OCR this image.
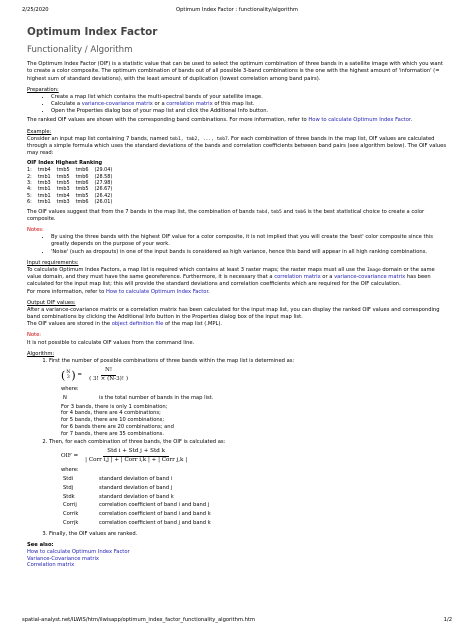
2/25/2020	Optimum Index Factor : functionality/algorithm
Optimum Index Factor
Functionality / Algorithm

The Optimum Index Factor (OIF) is a statistic value that can be used to select the optimum combination of three bands in a satellite image with which you want to create a color composite. The optimum combination of bands out of all possible 3-band combinations is the one with the highest amount of 'information' (= highest sum of standard deviations), with the least amount of duplication (lowest correlation among band pairs).

Preparation:
• Create a map list which contains the multi-spectral bands of your satellite image.
• Calculate a variance-covariance matrix or a correlation matrix of this map list.
• Open the Properties dialog box of your map list and click the Additional Info button.

The ranked OIF values are shown with the corresponding band combinations. For more information, refer to How to calculate Optimum Index Factor.

Example:

Consider an input map list containing 7 bands, named tmb1, tmb2, ..., tmb7. For each combination of three bands in the map list, OIF values are calculated through a simple formula which uses the standard deviations of the bands and correlation coefficients between band pairs (see algorithm below). The OIF values may read:

OIF Index Highest Ranking
1:	tmb4	tmb5	tmb6	(29.04)
2:	tmb1	tmb5	tmb6	(28.58)
3:	tmb3	tmb5	tmb6	(27.98)
4:	tmb1	tmb3	tmb5	(26.67)
5:	tmb1	tmb4	tmb5	(26.42)
6:	tmb1	tmb3	tmb6	(26.01)

The OIF values suggest that from the 7 bands in the map list, the combination of bands tmb4, tmb5 and tmb6 is the best statistical choice to create a color composite.

Notes:
• By using the three bands with the highest OIF value for a color composite, it is not implied that you will create the 'best' color composite since this greatly depends on the purpose of your work.
• 'Noise' (such as dropouts) in one of the input bands is considered as high variance, hence this band will appear in all high ranking combinations.
Input requirements:

To calculate Optimum Index Factors, a map list is required which contains at least 3 raster maps; the raster maps must all use the Image domain or the same value domain, and they must have the same georeference. Furthermore, it is necessary that a correlation matrix or a variance-covariance matrix has been calculated for the input map list; this will provide the standard deviations and correlation coefficients which are required for the OIF calculation.

For more information, refer to How to calculate Optimum Index Factor.

Output OIF values:

After a variance-covariance matrix or a correlation matrix has been calculated for the input map list, you can display the ranked OIF values and corresponding band combinations by clicking the Additional Info button in the Properties dialog box of the input map list.

The OIF values are stored in the object definition file of the map list (.MPL).

Note:

It is not possible to calculate OIF values from the command line.

Algorithm:
1. First the number of possible combinations of three bands within the map list is determined as:
( N
3 ) = $\frac{N!}{( 3! \times (N-3)! )}$
where:
N	is the total number of bands in the map list.
For 3 bands, there is only 1 combination;
for 4 bands, there are 4 combinations;
for 5 bands, there are 10 combinations;
for 6 bands there are 20 combinations; and
for 7 bands, there are 35 combinations.
2. Then, for each combination of three bands, the OIF is calculated as:
OIF = $\frac{\text{Std i + Std j + Std k}}{\text{| Corr i,j | + | Corr i,k | + | Corr j,k |}}$
where:
Stdi	standard deviation of band i
Stdj	standard deviation of band j
Stdk	standard deviation of band k
Corrij	correlation coefficient of band i and band j
Corrik	correlation coefficient of band i and band k
Corrjk	correlation coefficient of band j and band k
3. Finally, the OIF values are ranked.
See also:
How to calculate Optimum Index Factor
Variance-Covariance matrix
Correlation matrix
spatial-analyst.net/ILWIS/htm/ilwisapp/optimum_index_factor_functionality_algorithm.htm	1/2
